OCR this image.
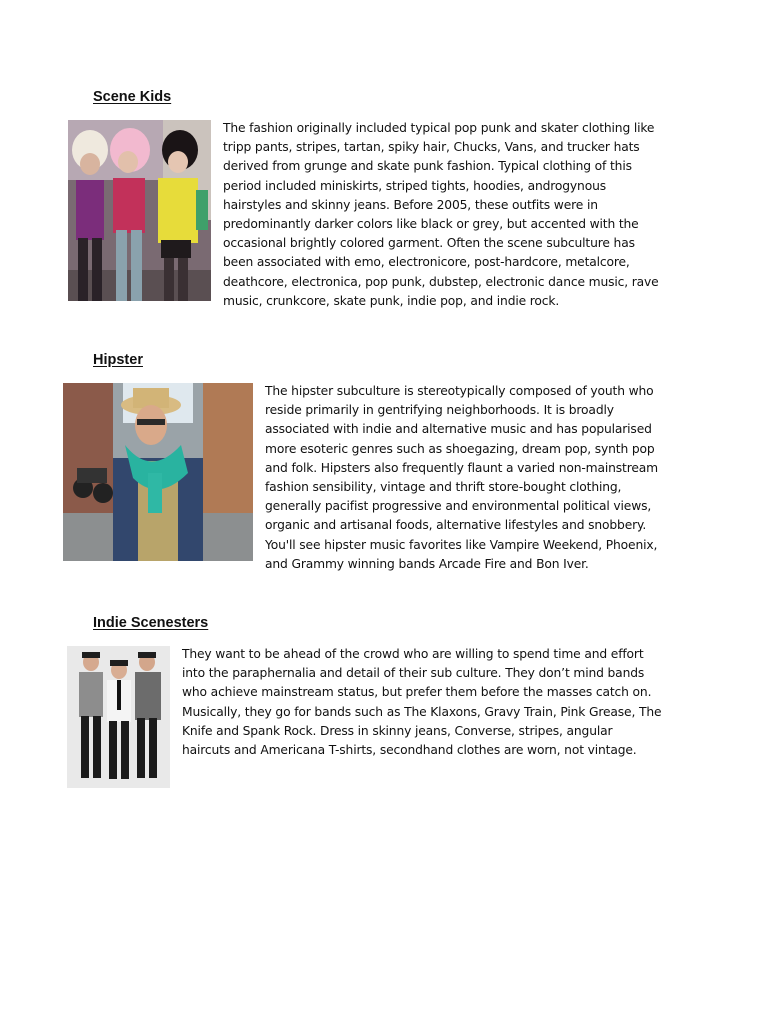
Scene Kids
The fashion originally included typical pop punk and skater clothing like
tripp pants, stripes, tartan, spiky hair, Chucks, Vans, and trucker hats
derived from grunge and skate punk fashion. Typical clothing of this
period included miniskirts, striped tights, hoodies, androgynous
hairstyles and skinny jeans. Before 2005, these outfits were in
predominantly darker colors like black or grey, but accented with the
occasional brightly colored garment. Often the scene subculture has
been associated with emo, electronicore, post-hardcore, metalcore,
deathcore, electronica, pop punk, dubstep, electronic dance music, rave
music, crunkcore, skate punk, indie pop, and indie rock.
Hipster
The hipster subculture is stereotypically composed of youth who
reside primarily in gentrifying neighborhoods. It is broadly
associated with indie and alternative music and has popularised
more esoteric genres such as shoegazing, dream pop, synth pop
and folk. Hipsters also frequently flaunt a varied non-mainstream
fashion sensibility, vintage and thrift store-bought clothing,
generally pacifist progressive and environmental political views,
organic and artisanal foods, alternative lifestyles and snobbery.
You'll see hipster music favorites like Vampire Weekend, Phoenix,
and Grammy winning bands Arcade Fire and Bon Iver.
Indie Scenesters
They want to be ahead of the crowd who are willing to spend time and effort
into the paraphernalia and detail of their sub culture. They don’t mind bands
who achieve mainstream status, but prefer them before the masses catch on.
Musically, they go for bands such as The Klaxons, Gravy Train, Pink Grease, The
Knife and Spank Rock. Dress in skinny jeans, Converse, stripes, angular
haircuts and Americana T-shirts, secondhand clothes are worn, not vintage.
